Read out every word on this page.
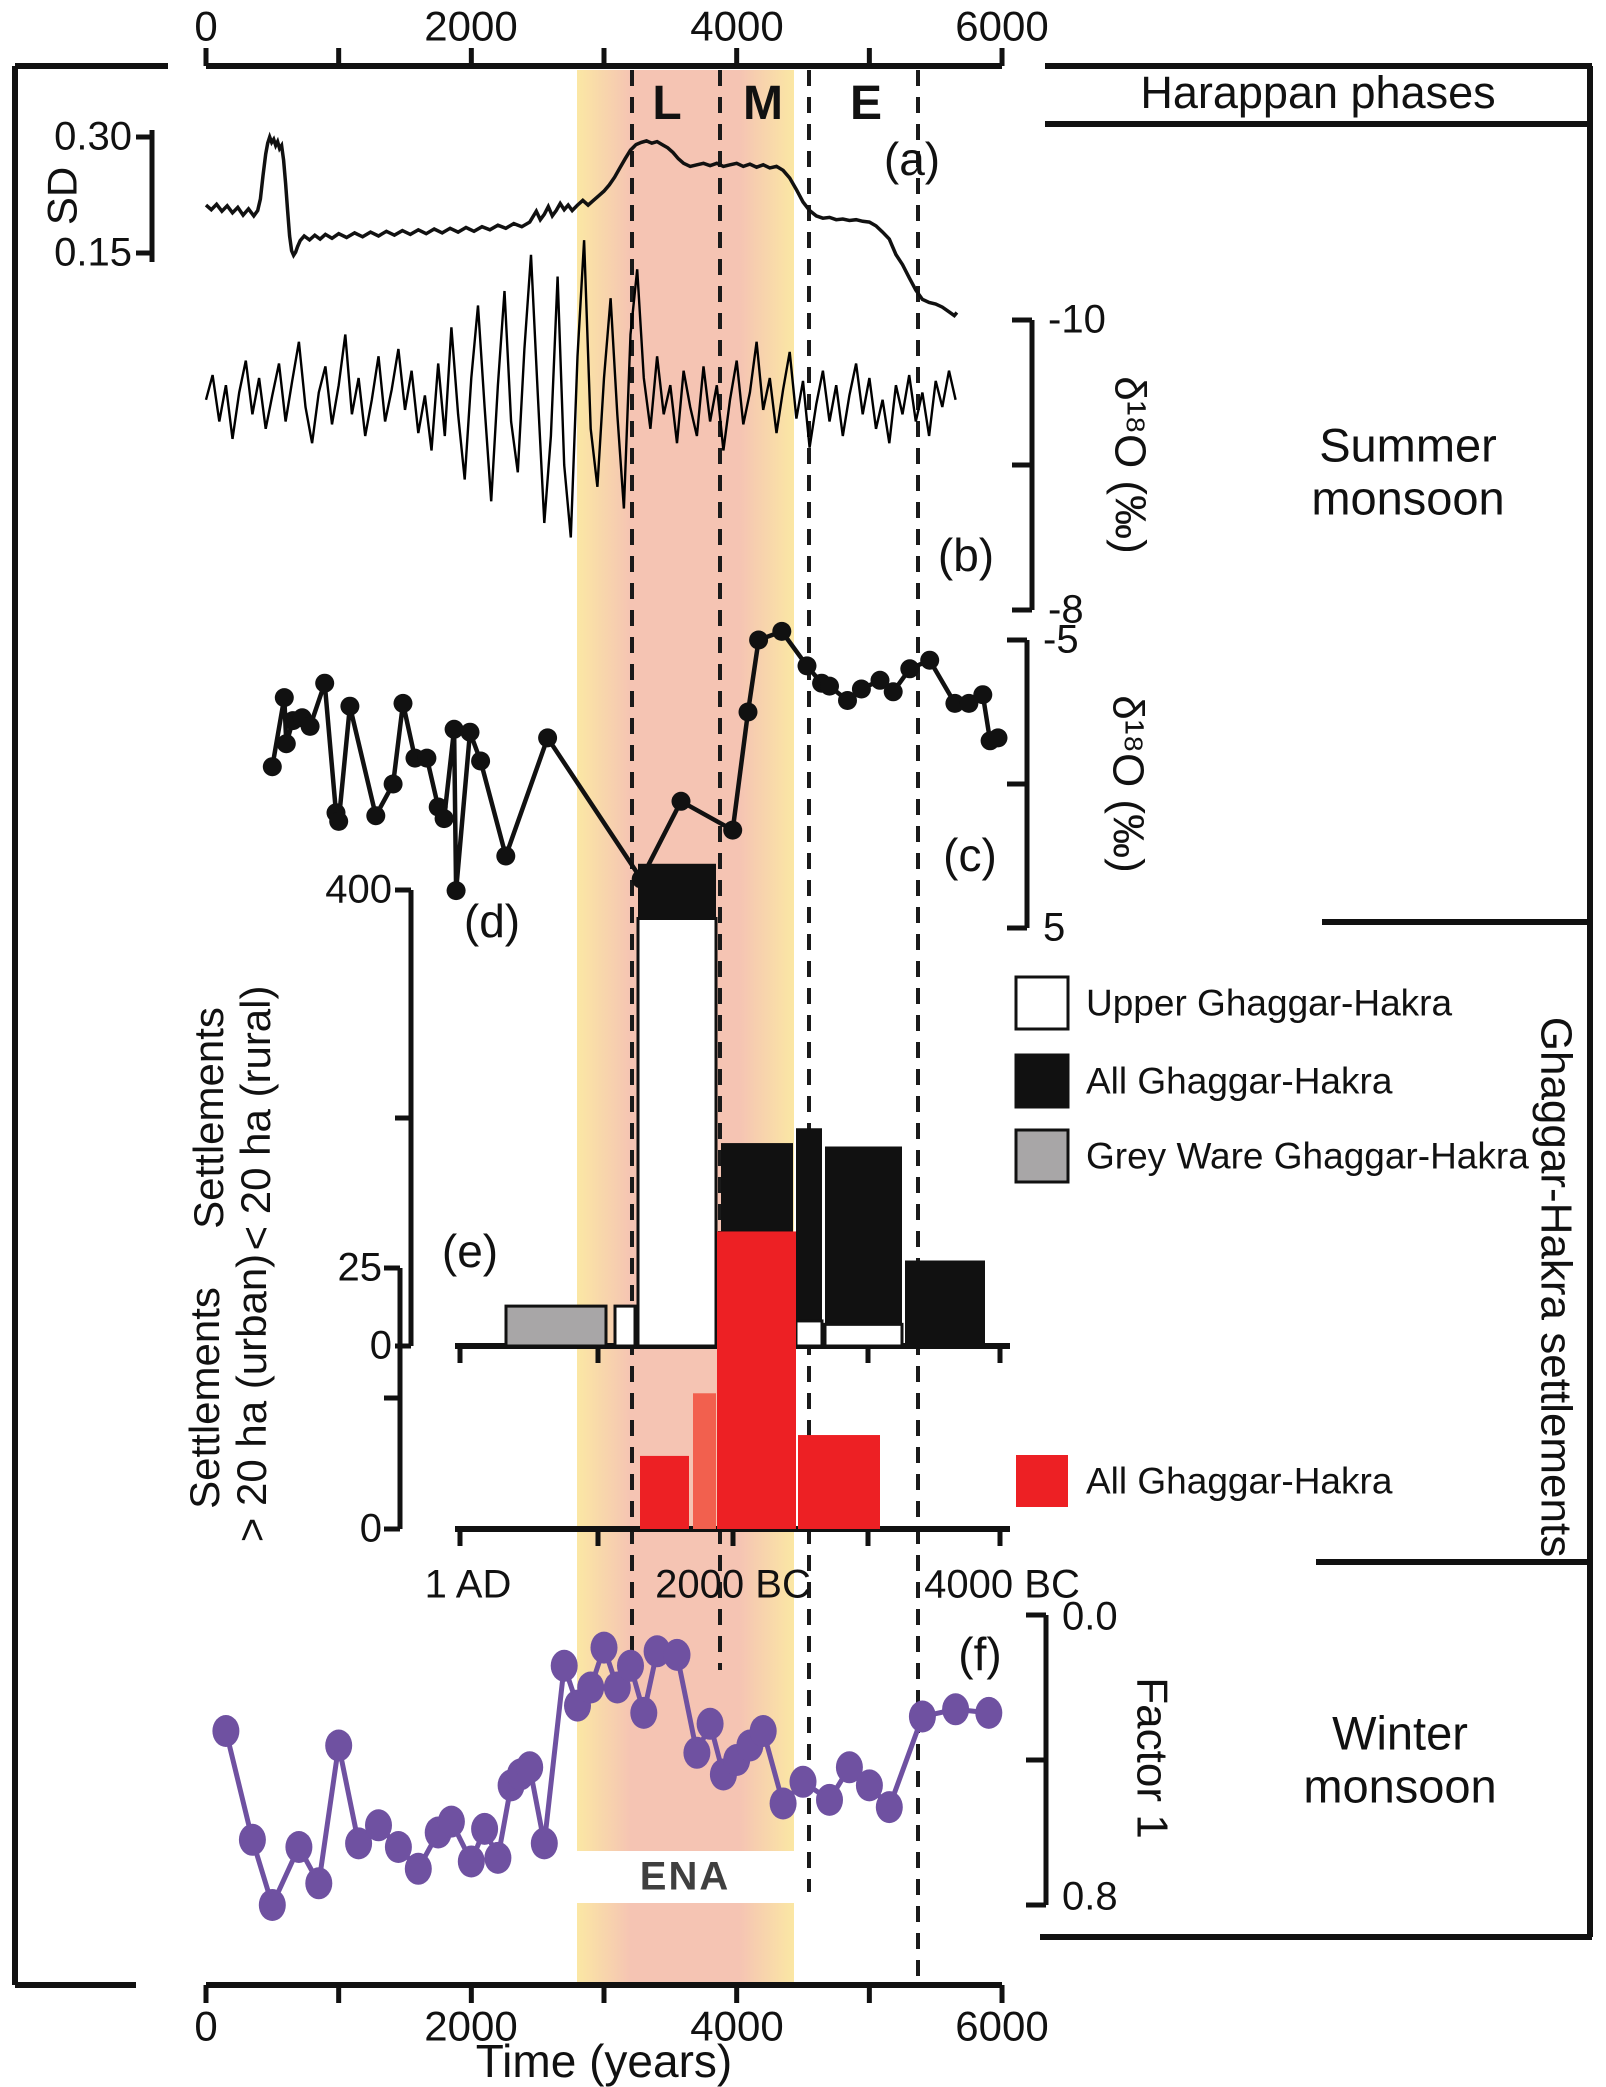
0	2000	4000	6000
Harappan phases
L M E
(a)
0.30
0.15
SD
(b)
-10
-8
δ¹⁸O (‰)
(c)
-5
5
δ¹⁸O (‰)
(d)
400
0
Settlements < 20 ha (rural)	Upper Ghaggar-Hakra
All Ghaggar-Hakra
Grey Ware Ghaggar-Hakra
(e)
25
0
Settlements > 20 ha (urban)
1 AD	2000 BC	4000 BC
All Ghaggar-Hakra
(f)
0.0
0.8
Factor 1
Summer
monsoon
Ghaggar-Hakra settlements
Winter
monsoon
ENA
0	2000	4000	6000
Time (years)
